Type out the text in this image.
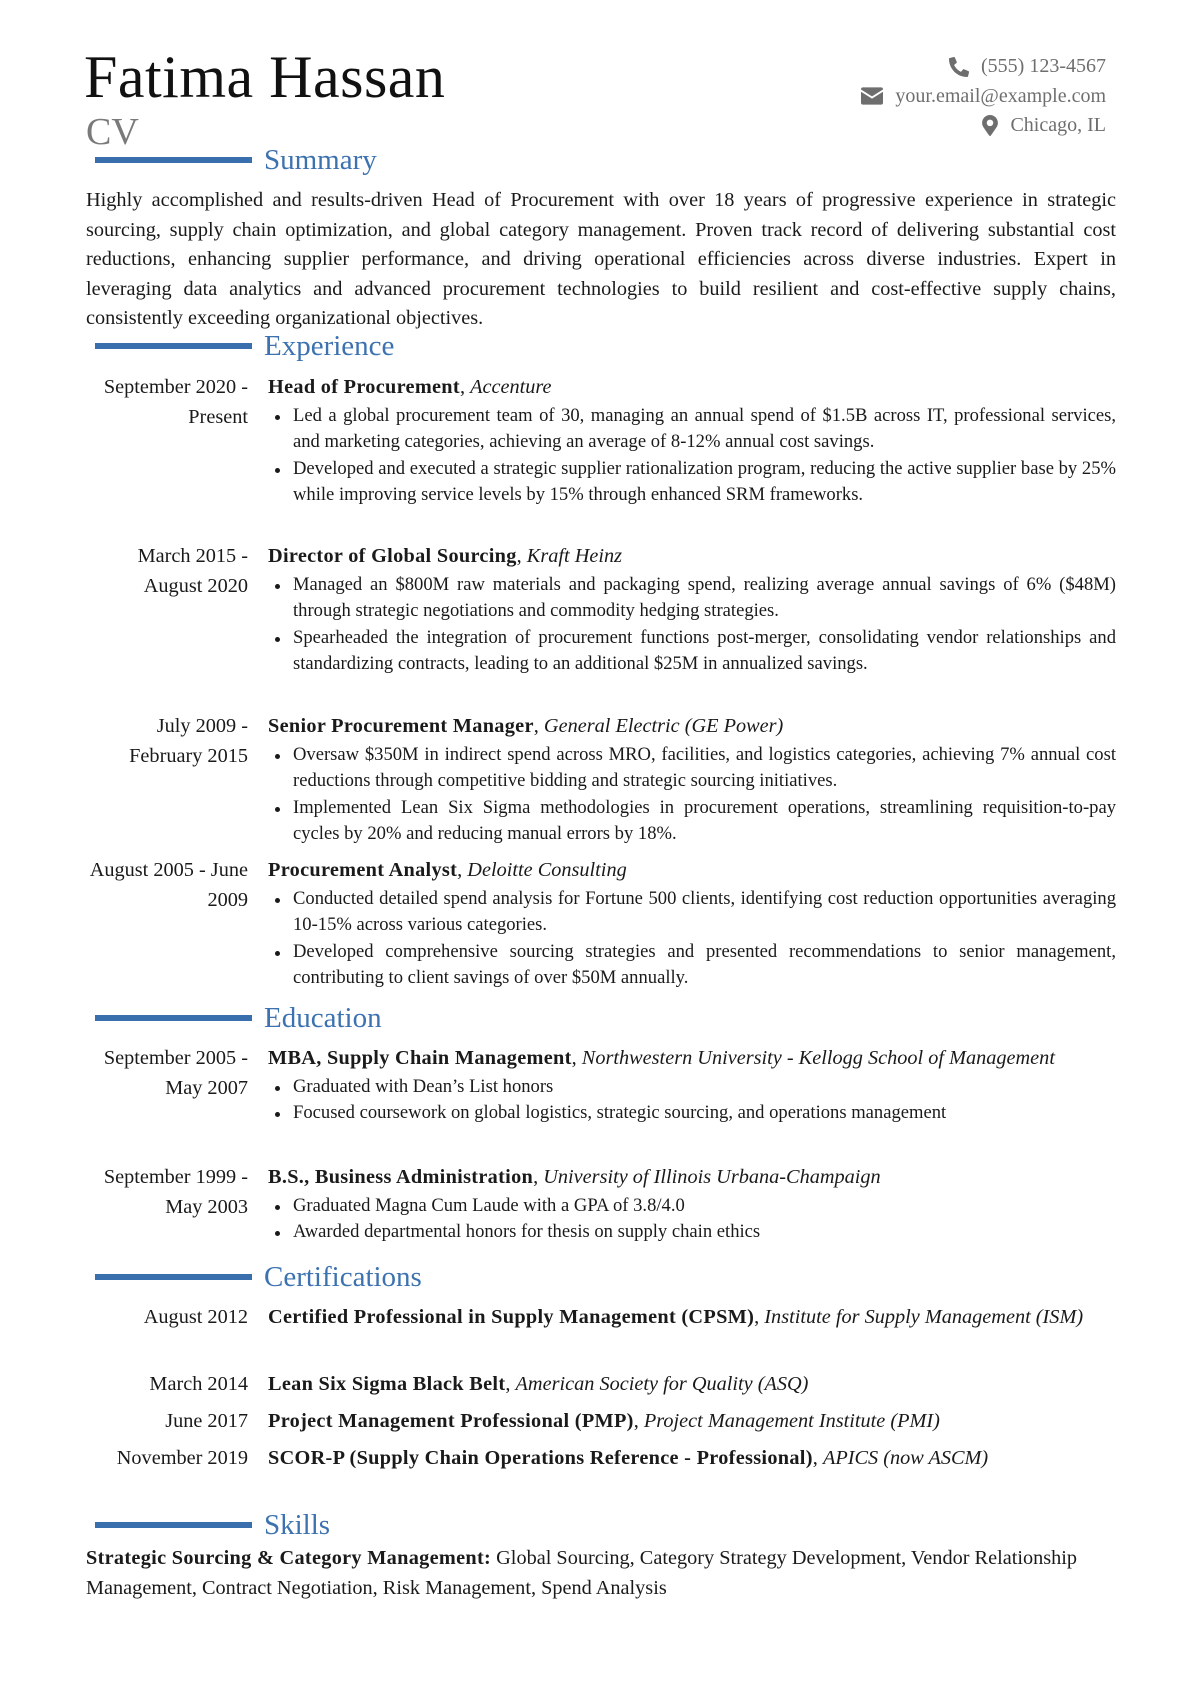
Fatima Hassan
CV
(555) 123-4567
your.email@example.com
Chicago, IL
Summary
Highly accomplished and results-driven Head of Procurement with over 18 years of progressive experience in strategic sourcing, supply chain optimization, and global category management. Proven track record of delivering substantial cost reductions, enhancing supplier performance, and driving operational efficiencies across diverse industries. Expert in leveraging data analytics and advanced procurement technologies to build resilient and cost-effective supply chains, consistently exceeding organizational objectives.
Experience
September 2020 - Present
Head of Procurement, Accenture
Led a global procurement team of 30, managing an annual spend of $1.5B across IT, professional services, and marketing categories, achieving an average of 8-12% annual cost savings.
Developed and executed a strategic supplier rationalization program, reducing the active supplier base by 25% while improving service levels by 15% through enhanced SRM frameworks.
March 2015 - August 2020
Director of Global Sourcing, Kraft Heinz
Managed an $800M raw materials and packaging spend, realizing average annual savings of 6% ($48M) through strategic negotiations and commodity hedging strategies.
Spearheaded the integration of procurement functions post-merger, consolidating vendor relationships and standardizing contracts, leading to an additional $25M in annualized savings.
July 2009 - February 2015
Senior Procurement Manager, General Electric (GE Power)
Oversaw $350M in indirect spend across MRO, facilities, and logistics categories, achieving 7% annual cost reductions through competitive bidding and strategic sourcing initiatives.
Implemented Lean Six Sigma methodologies in procurement operations, streamlining requisition-to-pay cycles by 20% and reducing manual errors by 18%.
August 2005 - June 2009
Procurement Analyst, Deloitte Consulting
Conducted detailed spend analysis for Fortune 500 clients, identifying cost reduction opportunities averaging 10-15% across various categories.
Developed comprehensive sourcing strategies and presented recommendations to senior management, contributing to client savings of over $50M annually.
Education
September 2005 - May 2007
MBA, Supply Chain Management, Northwestern University - Kellogg School of Management
Graduated with Dean’s List honors
Focused coursework on global logistics, strategic sourcing, and operations management
September 1999 - May 2003
B.S., Business Administration, University of Illinois Urbana-Champaign
Graduated Magna Cum Laude with a GPA of 3.8/4.0
Awarded departmental honors for thesis on supply chain ethics
Certifications
August 2012 Certified Professional in Supply Management (CPSM), Institute for Supply Management (ISM)
March 2014 Lean Six Sigma Black Belt, American Society for Quality (ASQ)
June 2017 Project Management Professional (PMP), Project Management Institute (PMI)
November 2019 SCOR-P (Supply Chain Operations Reference - Professional), APICS (now ASCM)
Skills
Strategic Sourcing & Category Management: Global Sourcing, Category Strategy Development, Vendor Relationship Management, Contract Negotiation, Risk Management, Spend Analysis
